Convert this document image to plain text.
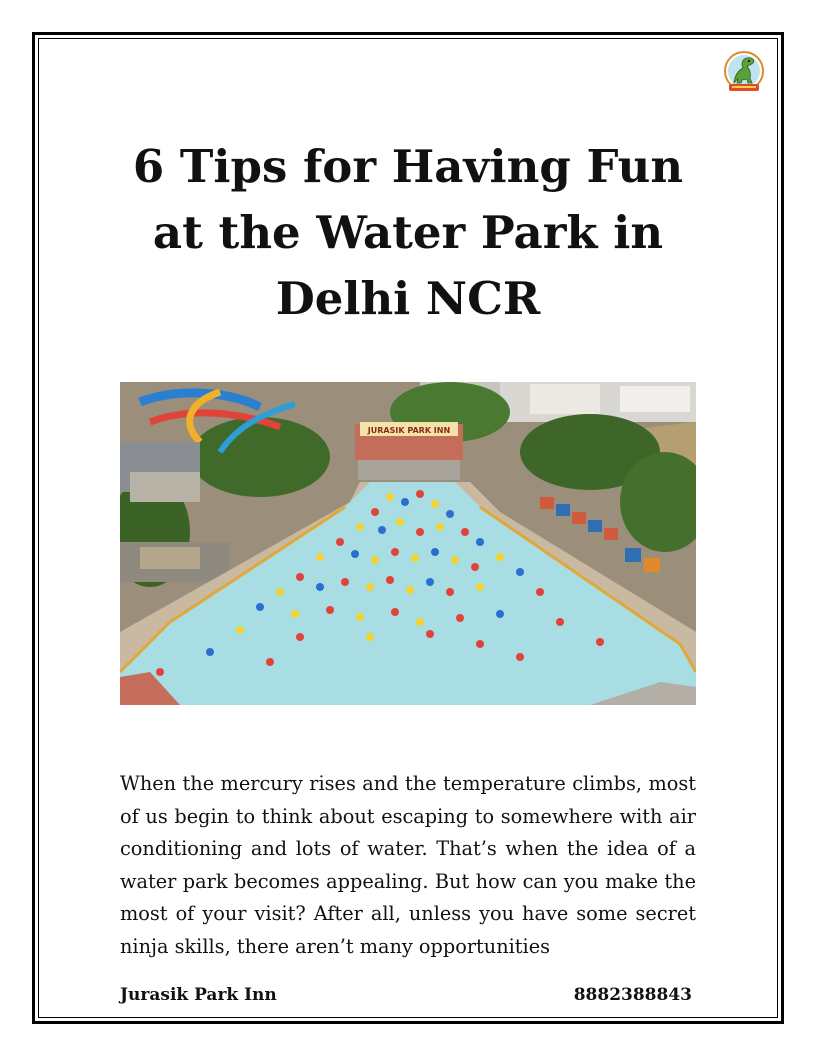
6 Tips for Having Fun at the Water Park in Delhi NCR
JURASIK PARK INN

When the mercury rises and the temperature climbs, most of us begin to think about escaping to somewhere with air conditioning and lots of water. That’s when the idea of a water park becomes appealing. But how can you make the most of your visit? After all, unless you have some secret ninja skills, there aren’t many opportunities

Jurasik Park Inn	8882388843
